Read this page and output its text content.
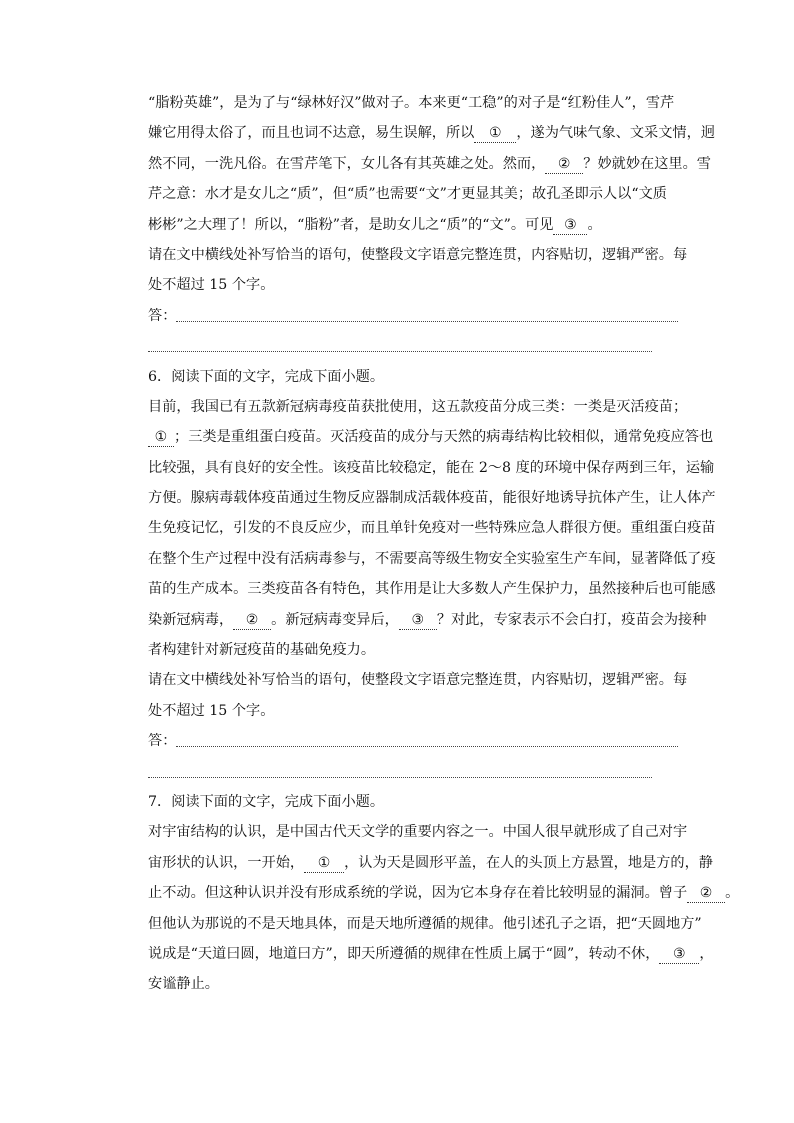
“脂粉英雄”，是为了与“绿林好汉”做对子。本来更“工稳”的对子是“红粉佳人”，雪芹
嫌它用得太俗了，而且也词不达意，易生误解，所以 ① ，遂为气味气象、文采文情，迥
然不同，一洗凡俗。在雪芹笔下，女儿各有其英雄之处。然而， ② ？妙就妙在这里。雪
芹之意：水才是女儿之“质”，但“质”也需要“文”才更显其美；故孔圣即示人以“文质
彬彬”之大理了！所以，“脂粉”者，是助女儿之“质”的“文”。可见 ③ 。
请在文中横线处补写恰当的语句，使整段文字语意完整连贯，内容贴切，逻辑严密。每
处不超过 15 个字。
答：
6．阅读下面的文字，完成下面小题。
目前，我国已有五款新冠病毒疫苗获批使用，这五款疫苗分成三类：一类是灭活疫苗；
① ；三类是重组蛋白疫苗。灭活疫苗的成分与天然的病毒结构比较相似，通常免疫应答也
比较强，具有良好的安全性。该疫苗比较稳定，能在 2～8 度的环境中保存两到三年，运输
方便。腺病毒载体疫苗通过生物反应器制成活载体疫苗，能很好地诱导抗体产生，让人体产
生免疫记忆，引发的不良反应少，而且单针免疫对一些特殊应急人群很方便。重组蛋白疫苗
在整个生产过程中没有活病毒参与，不需要高等级生物安全实验室生产车间，显著降低了疫
苗的生产成本。三类疫苗各有特色，其作用是让大多数人产生保护力，虽然接种后也可能感
染新冠病毒， ② 。新冠病毒变异后， ③ ？对此，专家表示不会白打，疫苗会为接种
者构建针对新冠疫苗的基础免疫力。
请在文中横线处补写恰当的语句，使整段文字语意完整连贯，内容贴切，逻辑严密。每
处不超过 15 个字。
答：
7．阅读下面的文字，完成下面小题。
对宇宙结构的认识，是中国古代天文学的重要内容之一。中国人很早就形成了自己对宇
宙形状的认识，一开始， ① ，认为天是圆形平盖，在人的头顶上方悬置，地是方的，静
止不动。但这种认识并没有形成系统的学说，因为它本身存在着比较明显的漏洞。曾子 ② 。
但他认为那说的不是天地具体，而是天地所遵循的规律。他引述孔子之语，把“天圆地方”
说成是“天道曰圆，地道曰方”，即天所遵循的规律在性质上属于“圆”，转动不休， ③ ，
安谧静止。
